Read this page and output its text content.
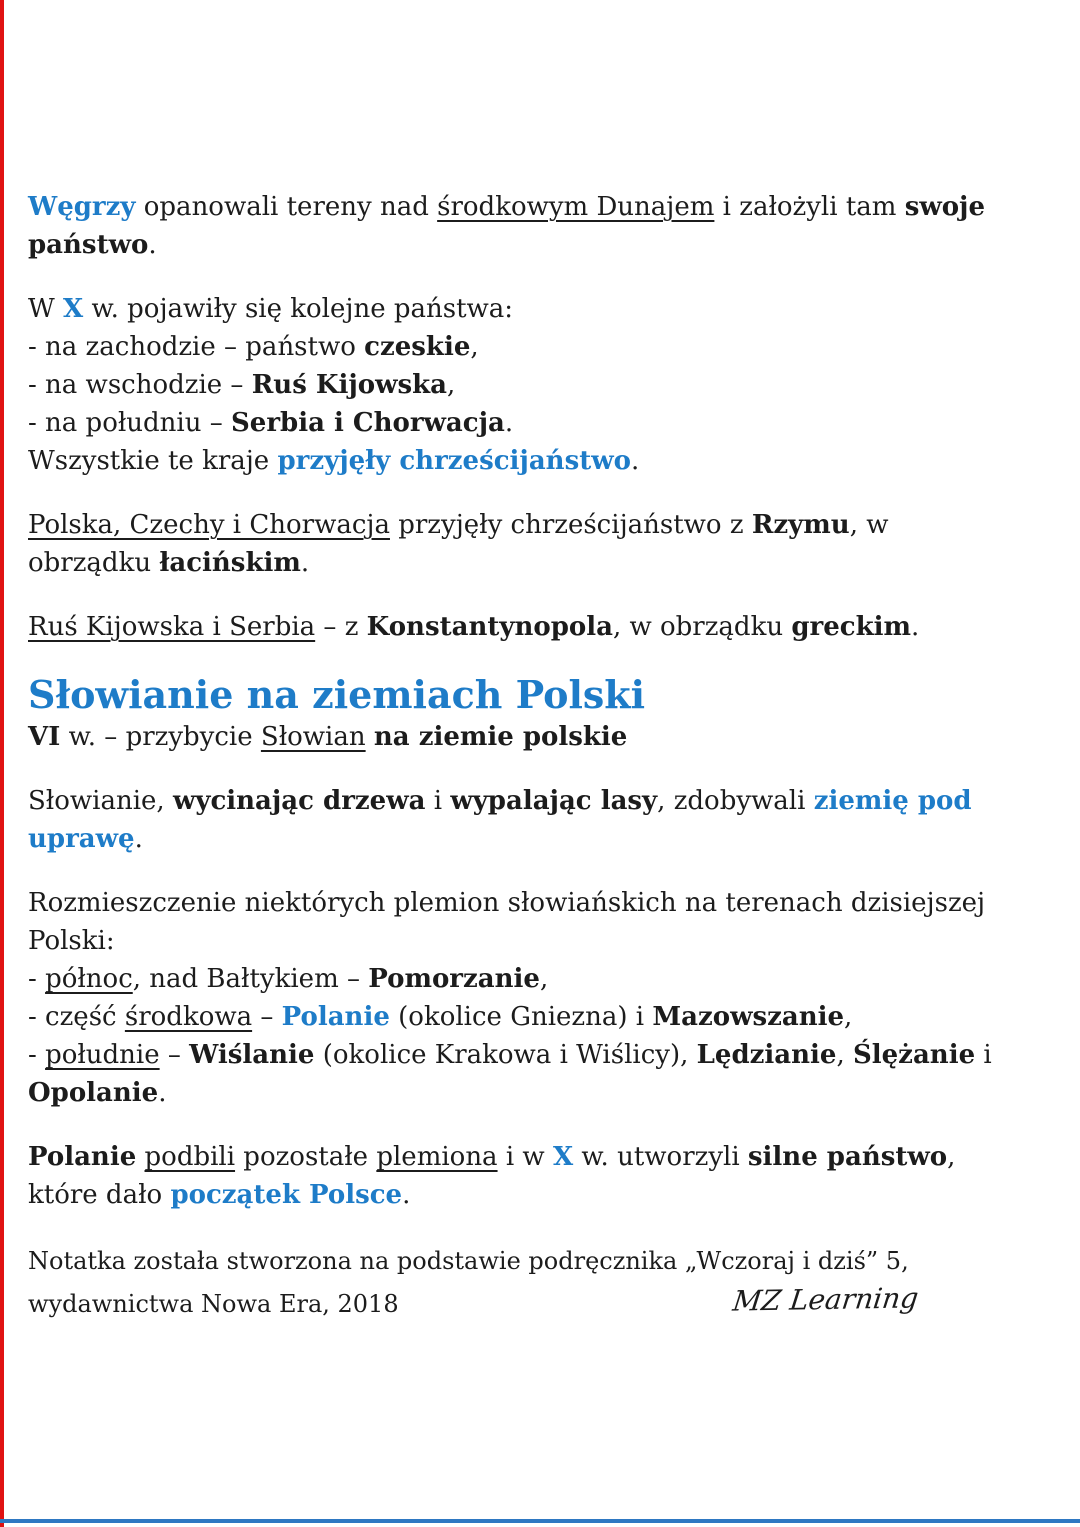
Węgrzy opanowali tereny nad środkowym Dunajem i założyli tam swoje
państwo.

W X w. pojawiły się kolejne państwa:
- na zachodzie – państwo czeskie,
- na wschodzie – Ruś Kijowska,
- na południu – Serbia i Chorwacja.
Wszystkie te kraje przyjęły chrześcijaństwo.

Polska, Czechy i Chorwacja przyjęły chrześcijaństwo z Rzymu, w
obrządku łacińskim.

Ruś Kijowska i Serbia – z Konstantynopola, w obrządku greckim.

Słowianie na ziemiach Polski

VI w. – przybycie Słowian na ziemie polskie

Słowianie, wycinając drzewa i wypalając lasy, zdobywali ziemię pod
uprawę.

Rozmieszczenie niektórych plemion słowiańskich na terenach dzisiejszej
Polski:
- północ, nad Bałtykiem – Pomorzanie,
- część środkowa – Polanie (okolice Gniezna) i Mazowszanie,
- południe – Wiślanie (okolice Krakowa i Wiślicy), Lędzianie, Ślężanie i
Opolanie.

Polanie podbili pozostałe plemiona i w X w. utworzyli silne państwo,
które dało początek Polsce.

Notatka została stworzona na podstawie podręcznika „Wczoraj i dziś” 5,

wydawnictwa Nowa Era, 2018	MZ Learning
